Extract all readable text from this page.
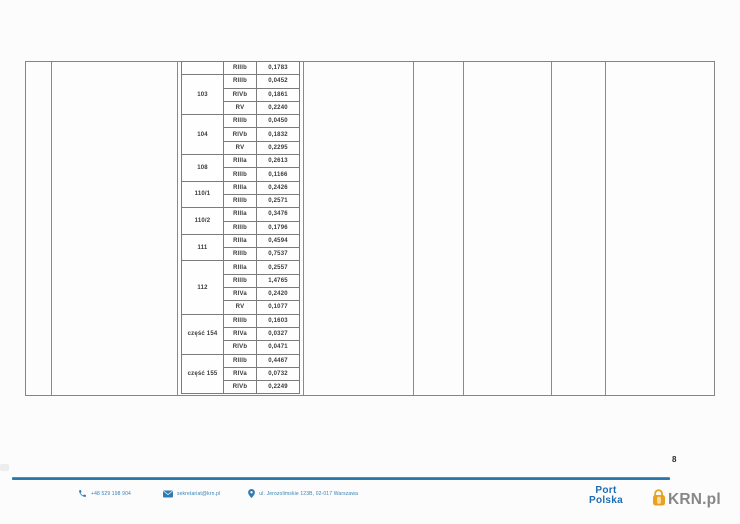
	RIIIb	0,1783
103	RIIIb	0,0452
	RIVb	0,1861
	RV	0,2240
104	RIIIb	0,0450
	RIVb	0,1832
	RV	0,2295
108	RIIIa	0,2613
	RIIIb	0,1166
110/1	RIIIa	0,2426
	RIIIb	0,2571
110/2	RIIIa	0,3476
	RIIIb	0,1796
111	RIIIa	0,4594
	RIIIb	0,7537
112	RIIIa	0,2557
	RIIIb	1,4765
	RIVa	0,2420
	RV	0,1077
część 154	RIIIb	0,1603
	RIVa	0,0327
	RIVb	0,0471
część 155	RIIIb	0,4467
	RIVa	0,0732
	RIVb	0,2249
8
+48 529 198 904	sekretariat@krn.pl	ul. Jerozolimskie 123B, 02-017 Warszawa	Port
Polska	KRN.pl
